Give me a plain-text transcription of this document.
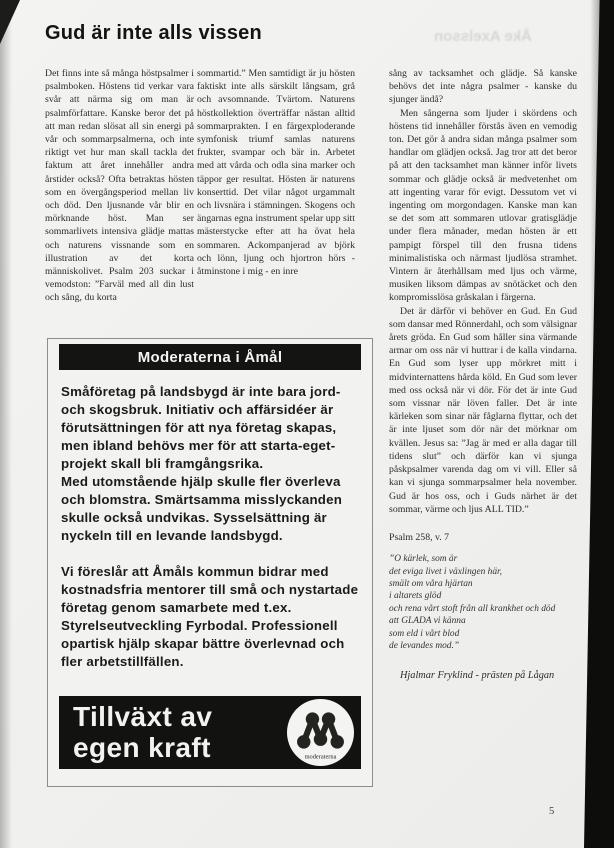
Åke Axelsson
Gud är inte alls vissen

Det finns inte så många höstpsalmer i psalmboken. Höstens tid verkar vara svår att närma sig om man är psalmförfattare. Kanske beror det på att man redan slösat all sin energi på vår och sommarpsalmerna, och inte riktigt vet hur man skall tackla det faktum att året innehåller andra årstider också? Ofta betraktas hösten som en övergångsperiod mellan liv och död. Den ljusnande vår blir en mörknande höst. Man ser sommarlivets intensiva glädje mattas och naturens vissnande som en illustration av det korta människolivet. Psalm 203 suckar i vemodston: ”Farväl med all din lust och sång, du korta

sommartid.” Men samtidigt är ju hösten faktiskt inte alls särskilt långsam, grå och avsomnande. Tvärtom. Naturens höstkollektion överträffar nästan alltid sommarprakten. I en färgexploderande symfonisk triumf samlas naturens frukter, svampar och bär in. Arbetet med att vårda och odla sina marker och täppor ger resultat. Hösten är naturens konserttid. Det vilar något urgammalt och livsnära i stämningen. Skogens och ängarnas egna instrument spelar upp sitt mästerstycke efter att ha övat hela sommaren. Ackompanjerad av björk och lönn, ljung och hjortron hörs - åtminstone i mig - en inre

sång av tacksamhet och glädje. Så kanske behövs det inte några psalmer - kanske du sjunger ändå?

Men sångerna som ljuder i skördens och höstens tid innehåller förstås även en vemodig ton. Det gör å andra sidan många psalmer som handlar om glädjen också. Jag tror att det beror på att den tacksamhet man känner inför livets sommar och glädje också är medvetenhet om att ingenting varar för evigt. Dessutom vet vi ingenting om morgondagen. Kanske man kan se det som att sommaren utlovar gratisglädje under flera månader, medan hösten är ett pampigt förspel till den frusna tidens minimalistiska och närmast ljudlösa stramhet. Vintern är återhållsam med ljus och värme, musiken liksom dämpas av snötäcket och den kompromisslösa gråskalan i färgerna.

Det är därför vi behöver en Gud. En Gud som dansar med Rönnerdahl, och som välsignar årets gröda. En Gud som håller sina värmande armar om oss när vi huttrar i de kalla vindarna. En Gud som lyser upp mörkret mitt i midvinternattens hårda köld. En Gud som lever med oss också när vi dör. För det är inte Gud som vissnar när löven faller. Det är inte kärleken som sinar när fåglarna flyttar, och det är inte ljuset som dör när det mörknar om kvällen. Jesus sa: ”Jag är med er alla dagar till tidens slut” och därför kan vi sjunga påskpsalmer varenda dag om vi vill. Eller så kan vi sjunga sommarpsalmer hela november. Gud är hos oss, och i Guds närhet är det sommar, värme och ljus ALL TID.”

Psalm 258, v. 7

”O kärlek, som är
det eviga livet i växlingen här,
smält om våra hjärtan
i altarets glöd
och rena vårt stoft från all krankhet och död
att GLADA vi känna
som eld i vårt blod
de levandes mod.”

Hjalmar Fryklind - prästen på Lågan

Moderaterna i Åmål

Småföretag på landsbygd är inte bara jord- och skogsbruk. Initiativ och affärsidéer är förutsättningen för att nya företag skapas, men ibland behövs mer för att starta-eget-projekt skall bli framgångsrika.

Med utomstående hjälp skulle fler överleva och blomstra. Smärtsamma misslyckanden skulle också undvikas. Sysselsättning är nyckeln till en levande landsbygd.

Vi föreslår att Åmåls kommun bidrar med kostnadsfria mentorer till små och nystartade företag genom samarbete med t.ex. Styrelseutveckling Fyrbodal. Professionell opartisk hjälp skapar bättre överlevnad och fler arbetstillfällen.

Tillväxt av
egen kraft	moderaterna
5
